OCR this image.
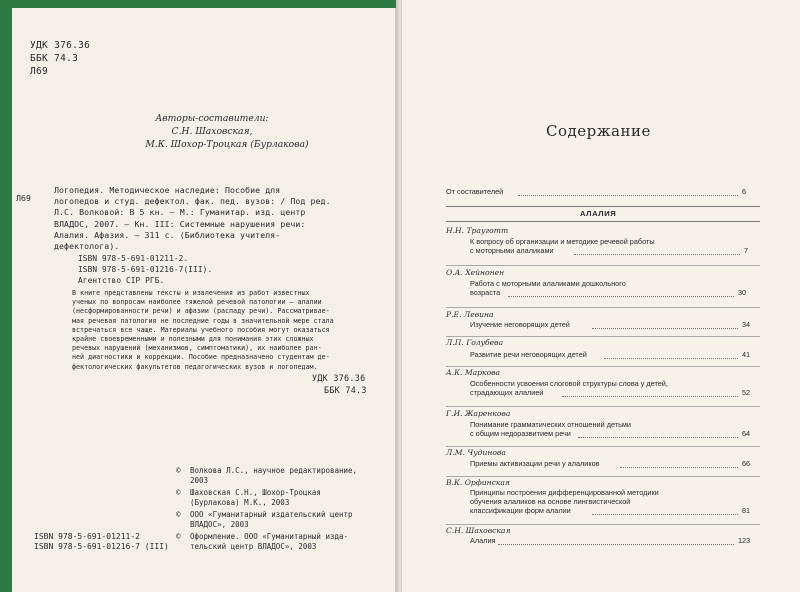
УДК 376.36
ББК 74.3
Л69
Авторы-составители:
С.Н. Шаховская,
М.К. Шохор-Троцкая (Бурлакова)
Л69
Логопедия. Методическое наследие: Пособие для
логопедов и студ. дефектол. фак. пед. вузов: / Под ред.
Л.С. Волковой: В 5 кн. — М.: Гуманитар. изд. центр
ВЛАДОС, 2007. — Кн. III: Системные нарушения речи:
Алалия. Афазия. — 311 с. (Библиотека учителя-
дефектолога).
ISBN 978-5-691-01211-2.
ISBN 978-5-691-01216-7(III).
Агентство CIP РГБ.
В книге представлены тексты и извлечения из работ известных
ученых по вопросам наиболее тяжелой речевой патологии — алалии
(несформированности речи) и афазии (распаду речи). Рассматривае-
мая речевая патология не последние годы в значительной мере стала
встречаться все чаще. Материалы учебного пособия могут оказаться
крайне своевременными и полезными для понимания этих сложных
речевых нарушений (механизмов, симптоматики), их наиболее ран-
ней диагностики и коррекции. Пособие предназначено студентам де-
фектологических факультетов педагогических вузов и логопедам.
УДК 376.36
ББК 74.3
© Волкова Л.С., научное редактирование,
2003
© Шаховская С.Н., Шохор-Троцкая
(Бурлакова) М.К., 2003
© ООО «Гуманитарный издательский центр
ВЛАДОС», 2003
© Оформление. ООО «Гуманитарный изда-
тельский центр ВЛАДОС», 2003
ISBN 978-5-691-01211-2
ISBN 978-5-691-01216-7 (III)
Содержание
От составителей	6
АЛАЛИЯ
Н.Н. Трауготт
К вопросу об организации и методике речевой работы
с моторными алаликами	7
О.А. Хейнонен
Работа с моторными алаликами дошкольного
возраста	30
Р.Е. Левина
Изучение неговорящих детей	34
Л.П. Голубева
Развитие речи неговорящих детей	41
А.К. Маркова
Особенности усвоения слоговой структуры слова у детей,
страдающих алалией	52
Г.И. Жаренкова
Понимание грамматических отношений детьми
с общим недоразвитием речи	64
Л.М. Чудинова
Приемы активизации речи у алаликов	66
В.К. Орфинская
Принципы построения дифференцированной методики
обучения алаликов на основе лингвистической
классификации форм алалии	81
С.Н. Шаховская
Алалия	123
